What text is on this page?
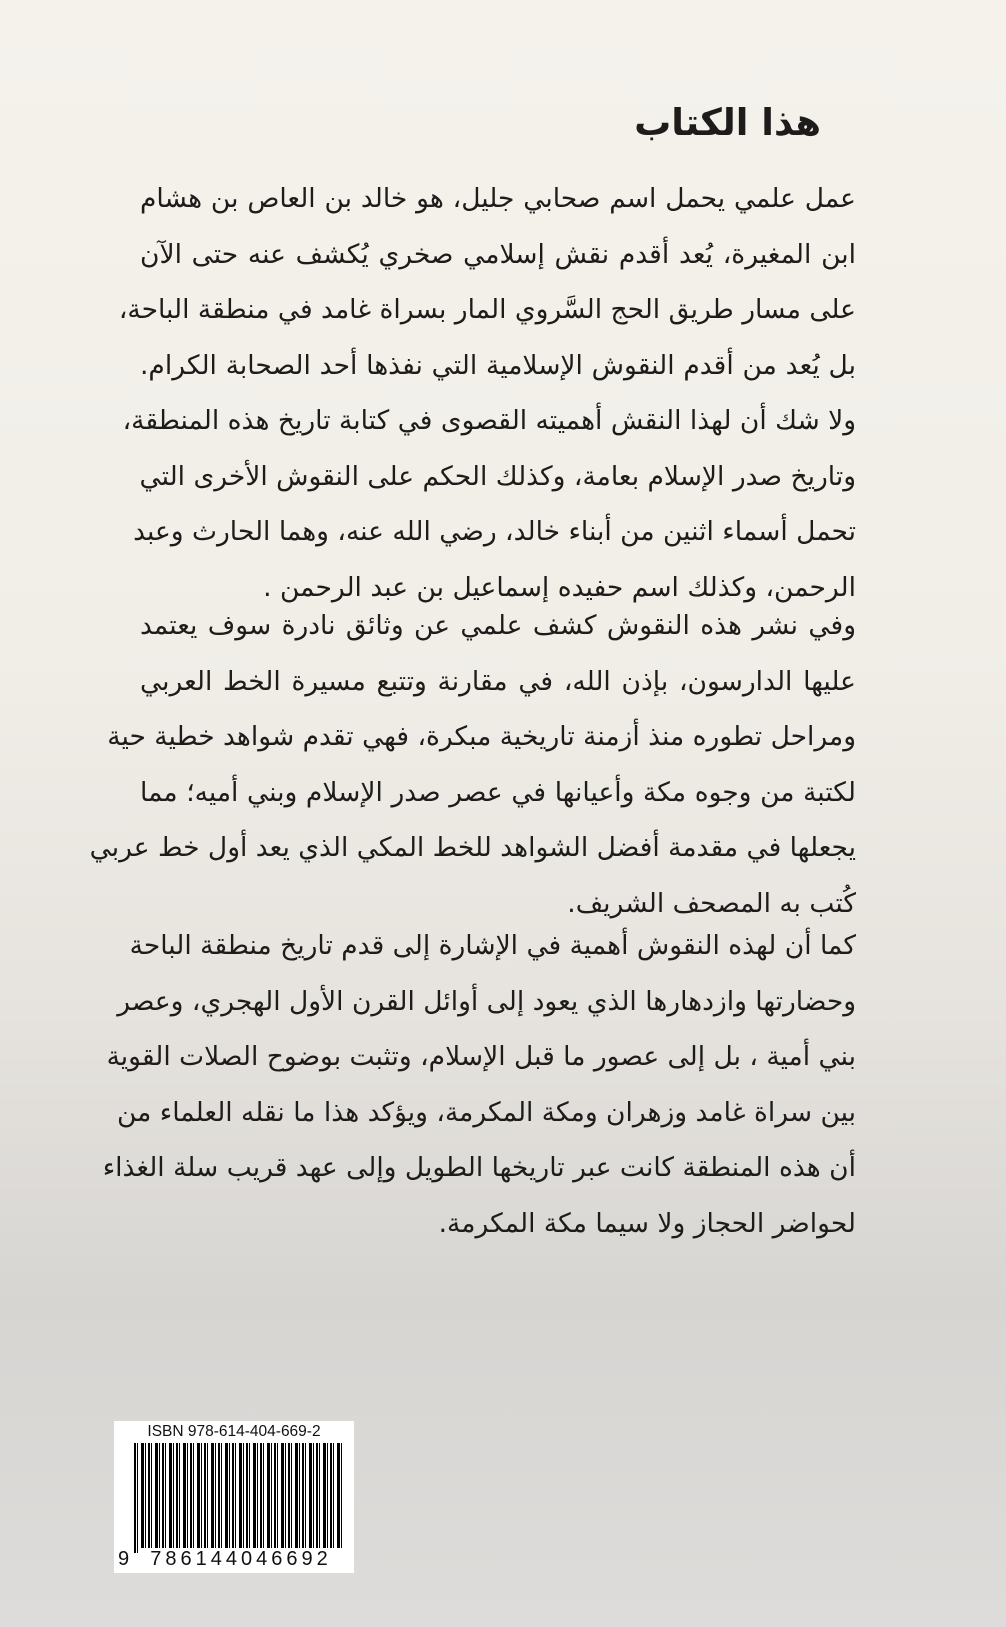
هذا الكتاب
عمل علمي يحمل اسم صحابي جليل، هو خالد بن العاص بن هشام
ابن المغيرة، يُعد أقدم نقش إسلامي صخري يُكشف عنه حتى الآن
على مسار طريق الحج السَّروي المار بسراة غامد في منطقة الباحة،
بل يُعد من أقدم النقوش الإسلامية التي نفذها أحد الصحابة الكرام.
ولا شك أن لهذا النقش أهميته القصوى في كتابة تاريخ هذه المنطقة،
وتاريخ صدر الإسلام بعامة، وكذلك الحكم على النقوش الأخرى التي
تحمل أسماء اثنين من أبناء خالد، رضي الله عنه، وهما الحارث وعبد
الرحمن، وكذلك اسم حفيده إسماعيل بن عبد الرحمن .
وفي نشر هذه النقوش كشف علمي عن وثائق نادرة سوف يعتمد
عليها الدارسون، بإذن الله، في مقارنة وتتبع مسيرة الخط العربي
ومراحل تطوره منذ أزمنة تاريخية مبكرة، فهي تقدم شواهد خطية حية
لكتبة من وجوه مكة وأعيانها في عصر صدر الإسلام وبني أميه؛ مما
يجعلها في مقدمة أفضل الشواهد للخط المكي الذي يعد أول خط عربي
كُتب به المصحف الشريف.
كما أن لهذه النقوش أهمية في الإشارة إلى قدم تاريخ منطقة الباحة
وحضارتها وازدهارها الذي يعود إلى أوائل القرن الأول الهجري، وعصر
بني أمية ، بل إلى عصور ما قبل الإسلام، وتثبت بوضوح الصلات القوية
بين سراة غامد وزهران ومكة المكرمة، ويؤكد هذا ما نقله العلماء من
أن هذه المنطقة كانت عبر تاريخها الطويل وإلى عهد قريب سلة الغذاء
لحواضر الحجاز ولا سيما مكة المكرمة.
ISBN 978-614-404-669-2
9	786144046692
